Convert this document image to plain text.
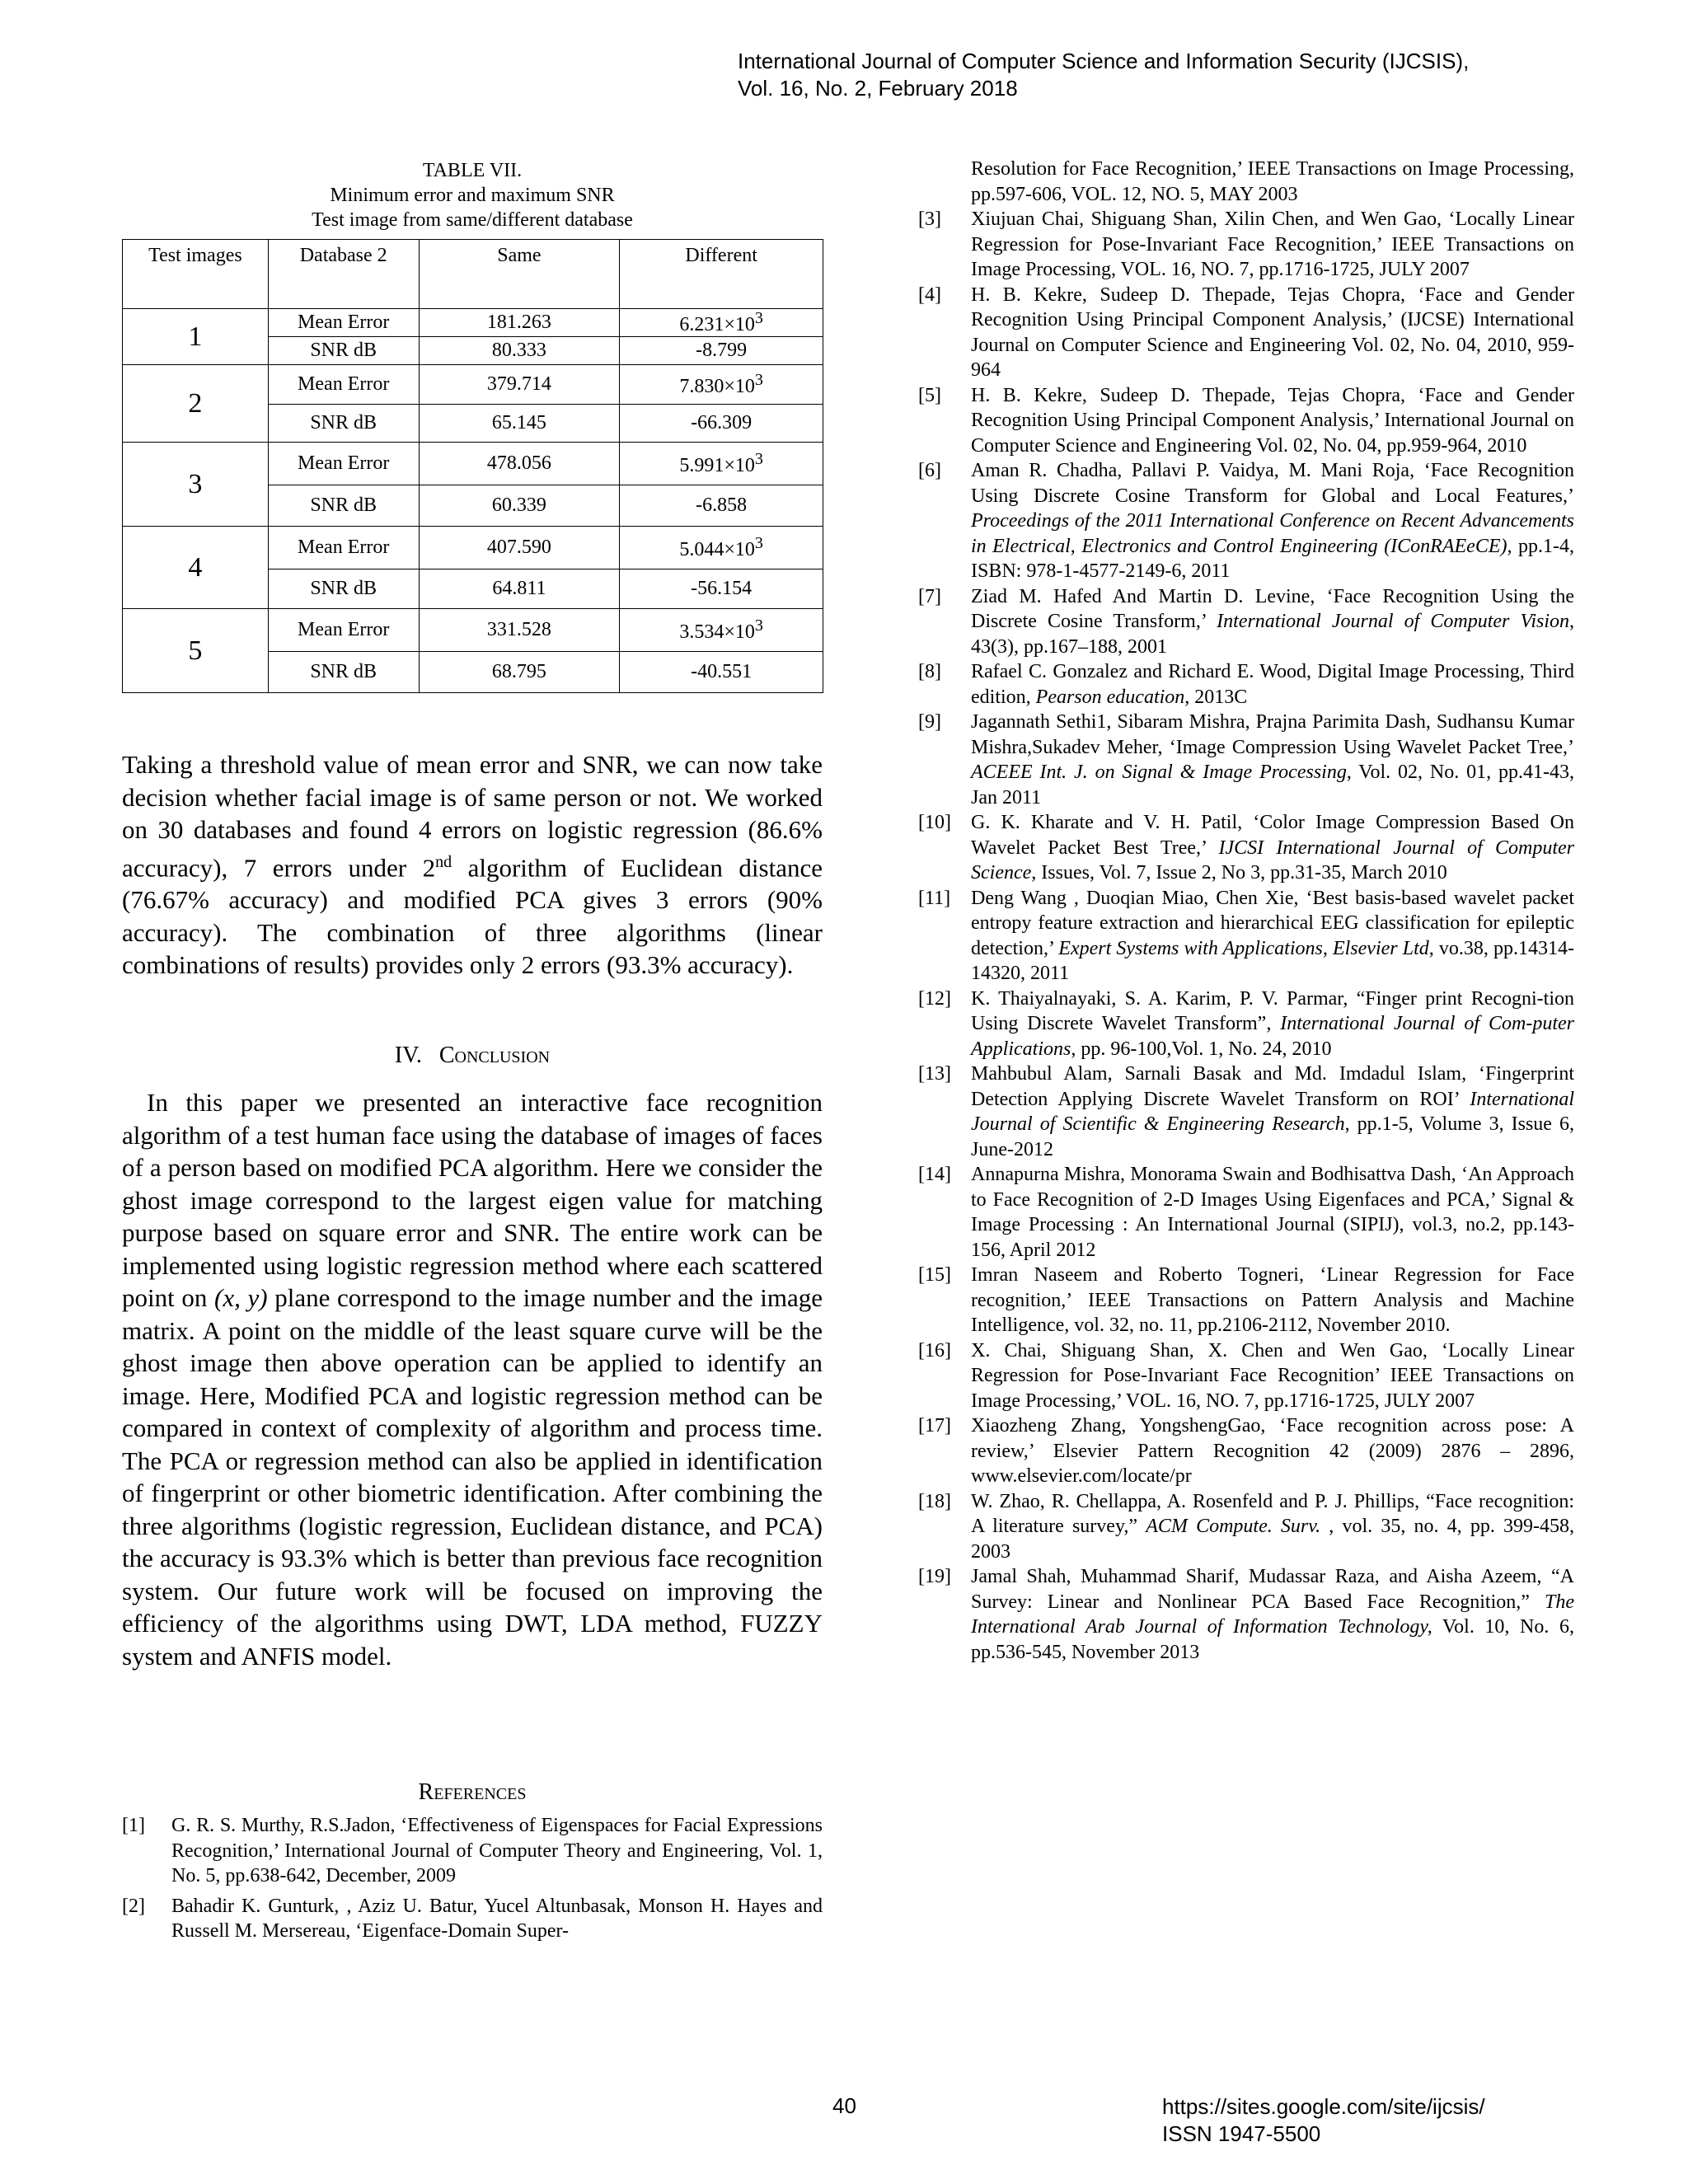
International Journal of Computer Science and Information Security (IJCSIS),
Vol. 16, No. 2, February 2018
TABLE VII.
Minimum error and maximum SNR
Test image from same/different database
Test images	Database 2	Same	Different
1	Mean Error	181.263	$6.231\times 10^3$
	SNR dB	80.333	-8.799
2	Mean Error	379.714	$7.830\times 10^3$
	SNR dB	65.145	-66.309
3	Mean Error	478.056	$5.991\times 10^3$
	SNR dB	60.339	-6.858
4	Mean Error	407.590	$5.044\times 10^3$
	SNR dB	64.811	-56.154
5	Mean Error	331.528	$3.534\times 10^3$
	SNR dB	68.795	-40.551
Taking a threshold value of mean error and SNR, we can now take decision whether facial image is of same person or not. We worked on 30 databases and found 4 errors on logistic regression (86.6% accuracy), 7 errors under 2nd algorithm of Euclidean distance (76.67% accuracy) and modified PCA gives 3 errors (90% accuracy). The combination of three algorithms (linear combinations of results) provides only 2 errors (93.3% accuracy).
IV. Conclusion
In this paper we presented an interactive face recognition algorithm of a test human face using the database of images of faces of a person based on modified PCA algorithm. Here we consider the ghost image correspond to the largest eigen value for matching purpose based on square error and SNR. The entire work can be implemented using logistic regression method where each scattered point on (x, y) plane correspond to the image number and the image matrix. A point on the middle of the least square curve will be the ghost image then above operation can be applied to identify an image. Here, Modified PCA and logistic regression method can be compared in context of complexity of algorithm and process time. The PCA or regression method can also be applied in identification of fingerprint or other biometric identification. After combining the three algorithms (logistic regression, Euclidean distance, and PCA) the accuracy is 93.3% which is better than previous face recognition system. Our future work will be focused on improving the efficiency of the algorithms using DWT, LDA method, FUZZY system and ANFIS model.
References
[1]	G. R. S. Murthy, R.S.Jadon, ‘Effectiveness of Eigenspaces for Facial Expressions Recognition,’ International Journal of Computer Theory and Engineering, Vol. 1, No. 5, pp.638-642, December, 2009
[2]	Bahadir K. Gunturk, , Aziz U. Batur, Yucel Altunbasak, Monson H. Hayes and Russell M. Mersereau, ‘Eigenface-Domain Super-
Resolution for Face Recognition,’ IEEE Transactions on Image Processing, pp.597-606, VOL. 12, NO. 5, MAY 2003
[3]	Xiujuan Chai, Shiguang Shan, Xilin Chen, and Wen Gao, ‘Locally Linear Regression for Pose-Invariant Face Recognition,’ IEEE Transactions on Image Processing, VOL. 16, NO. 7, pp.1716-1725, JULY 2007
[4]	H. B. Kekre, Sudeep D. Thepade, Tejas Chopra, ‘Face and Gender Recognition Using Principal Component Analysis,’ (IJCSE) International Journal on Computer Science and Engineering Vol. 02, No. 04, 2010, 959-964
[5]	H. B. Kekre, Sudeep D. Thepade, Tejas Chopra, ‘Face and Gender Recognition Using Principal Component Analysis,’ International Journal on Computer Science and Engineering Vol. 02, No. 04, pp.959-964, 2010
[6]	Aman R. Chadha, Pallavi P. Vaidya, M. Mani Roja, ‘Face Recognition Using Discrete Cosine Transform for Global and Local Features,’ Proceedings of the 2011 International Conference on Recent Advancements in Electrical, Electronics and Control Engineering (IConRAEeCE), pp.1-4, ISBN: 978-1-4577-2149-6, 2011
[7]	Ziad M. Hafed And Martin D. Levine, ‘Face Recognition Using the Discrete Cosine Transform,’ International Journal of Computer Vision, 43(3), pp.167–188, 2001
[8]	Rafael C. Gonzalez and Richard E. Wood, Digital Image Processing, Third edition, Pearson education, 2013C
[9]	Jagannath Sethi1, Sibaram Mishra, Prajna Parimita Dash, Sudhansu Kumar Mishra,Sukadev Meher, ‘Image Compression Using Wavelet Packet Tree,’ ACEEE Int. J. on Signal & Image Processing, Vol. 02, No. 01, pp.41-43, Jan 2011
[10]	G. K. Kharate and V. H. Patil, ‘Color Image Compression Based On Wavelet Packet Best Tree,’ IJCSI International Journal of Computer Science, Issues, Vol. 7, Issue 2, No 3, pp.31-35, March 2010
[11]	Deng Wang , Duoqian Miao, Chen Xie, ‘Best basis-based wavelet packet entropy feature extraction and hierarchical EEG classification for epileptic detection,’ Expert Systems with Applications, Elsevier Ltd, vo.38, pp.14314-14320, 2011
[12]	K. Thaiyalnayaki, S. A. Karim, P. V. Parmar, “Finger print Recogni-tion Using Discrete Wavelet Transform”, International Journal of Com-puter Applications, pp. 96-100,Vol. 1, No. 24, 2010
[13]	Mahbubul Alam, Sarnali Basak and Md. Imdadul Islam, ‘Fingerprint Detection Applying Discrete Wavelet Transform on ROI’ International Journal of Scientific & Engineering Research, pp.1-5, Volume 3, Issue 6, June-2012
[14]	Annapurna Mishra, Monorama Swain and Bodhisattva Dash, ‘An Approach to Face Recognition of 2-D Images Using Eigenfaces and PCA,’ Signal & Image Processing : An International Journal (SIPIJ), vol.3, no.2, pp.143-156, April 2012
[15]	Imran Naseem and Roberto Togneri, ‘Linear Regression for Face recognition,’ IEEE Transactions on Pattern Analysis and Machine Intelligence, vol. 32, no. 11, pp.2106-2112, November 2010.
[16]	X. Chai, Shiguang Shan, X. Chen and Wen Gao, ‘Locally Linear Regression for Pose-Invariant Face Recognition’ IEEE Transactions on Image Processing,’ VOL. 16, NO. 7, pp.1716-1725, JULY 2007
[17]	Xiaozheng Zhang, YongshengGao, ‘Face recognition across pose: A review,’ Elsevier Pattern Recognition 42 (2009) 2876 – 2896, www.elsevier.com/locate/pr
[18]	W. Zhao, R. Chellappa, A. Rosenfeld and P. J. Phillips, “Face recognition: A literature survey,” ACM Compute. Surv. , vol. 35, no. 4, pp. 399-458, 2003
[19]	Jamal Shah, Muhammad Sharif, Mudassar Raza, and Aisha Azeem, “A Survey: Linear and Nonlinear PCA Based Face Recognition,” The International Arab Journal of Information Technology, Vol. 10, No. 6, pp.536-545, November 2013
40	https://sites.google.com/site/ijcsis/
ISSN 1947-5500
